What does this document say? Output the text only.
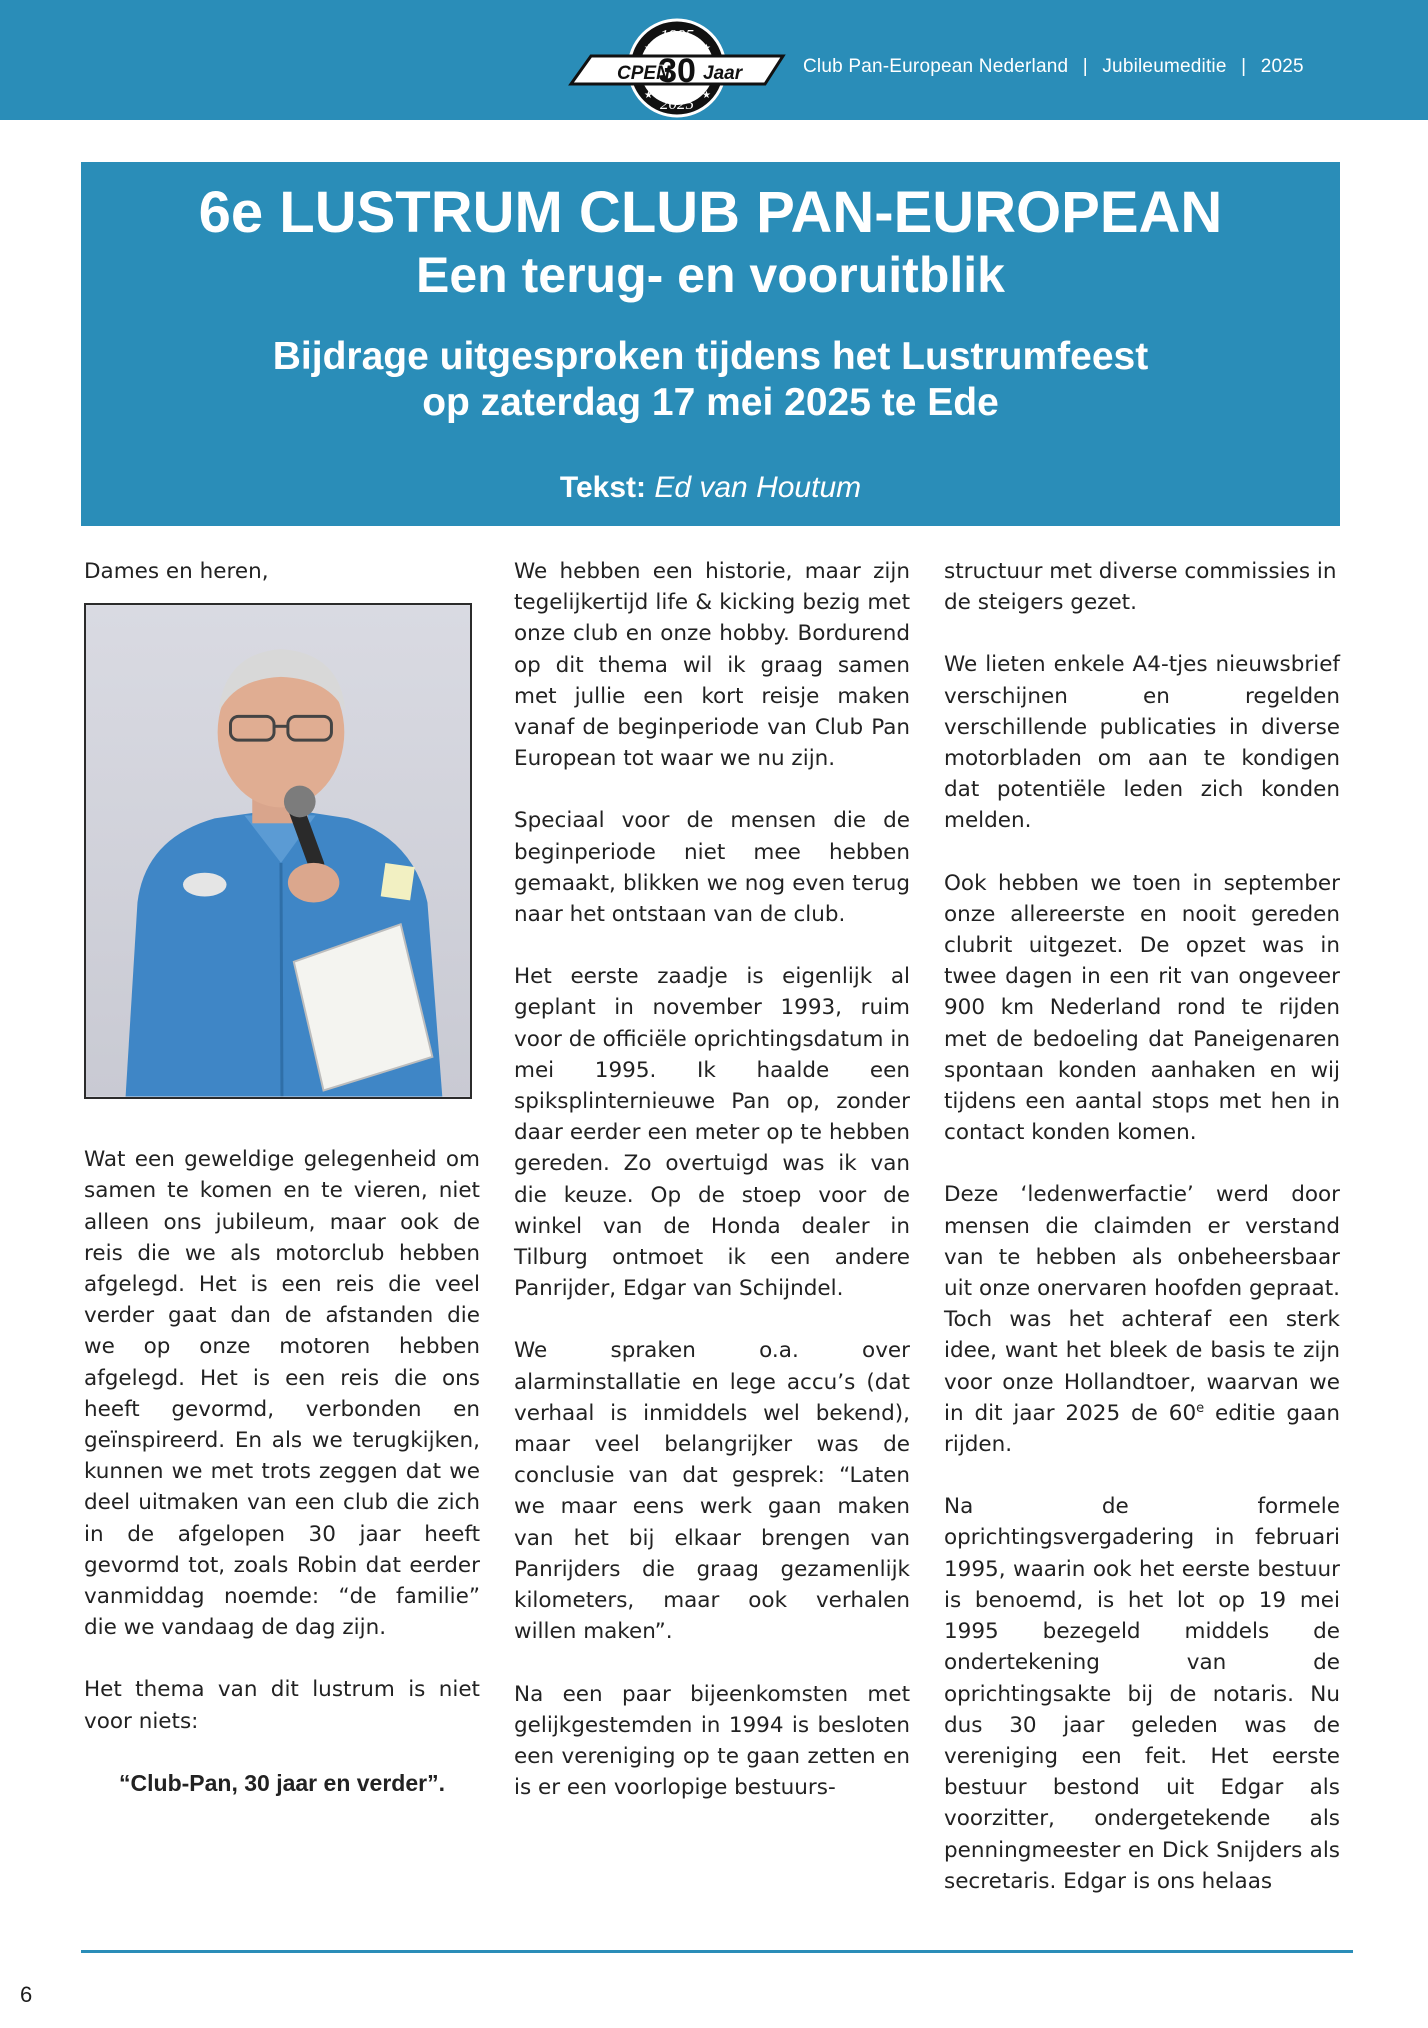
CPEN
30 Jaar
1995
2025
★	★
★	★
Club Pan-European Nederland | Jubileumeditie | 2025
6e LUSTRUM CLUB PAN-EUROPEAN
Een terug- en vooruitblik
Bijdrage uitgesproken tijdens het Lustrumfeest
op zaterdag 17 mei 2025 te Ede
Tekst: Ed van Houtum

Dames en heren,

Wat een geweldige gelegenheid om samen te komen en te vieren, niet alleen ons jubileum, maar ook de reis die we als motorclub hebben afgelegd. Het is een reis die veel verder gaat dan de afstanden die we op onze motoren hebben afgelegd. Het is een reis die ons heeft gevormd, verbonden en geïnspireerd. En als we terugkijken, kunnen we met trots zeggen dat we deel uitmaken van een club die zich in de afgelopen 30 jaar heeft gevormd tot, zoals Robin dat eerder vanmiddag noemde: “de familie” die we vandaag de dag zijn.

Het thema van dit lustrum is niet voor niets:

“Club-Pan, 30 jaar en verder”.

We hebben een historie, maar zijn tegelijkertijd life & kicking bezig met onze club en onze hobby. Bordurend op dit thema wil ik graag samen met jullie een kort reisje maken vanaf de beginperiode van Club Pan European tot waar we nu zijn.

Speciaal voor de mensen die de beginperiode niet mee hebben gemaakt, blikken we nog even terug naar het ontstaan van de club.

Het eerste zaadje is eigenlijk al geplant in november 1993, ruim voor de officiële oprichtingsdatum in mei 1995. Ik haalde een spiksplinternieuwe Pan op, zonder daar eerder een meter op te hebben gereden. Zo overtuigd was ik van die keuze. Op de stoep voor de winkel van de Honda dealer in Tilburg ontmoet ik een andere Panrijder, Edgar van Schijndel.

We spraken o.a. over alarminstallatie en lege accu’s (dat verhaal is inmiddels wel bekend), maar veel belangrijker was de conclusie van dat gesprek: “Laten we maar eens werk gaan maken van het bij elkaar brengen van Panrijders die graag gezamenlijk kilometers, maar ook verhalen willen maken”.

Na een paar bijeenkomsten met gelijkgestemden in 1994 is besloten een vereniging op te gaan zetten en is er een voorlopige bestuurs-

structuur met diverse commissies in de steigers gezet.

We lieten enkele A4-tjes nieuwsbrief verschijnen en regelden verschillende publicaties in diverse motorbladen om aan te kondigen dat potentiële leden zich konden melden.

Ook hebben we toen in september onze allereerste en nooit gereden clubrit uitgezet. De opzet was in twee dagen in een rit van ongeveer 900 km Nederland rond te rijden met de bedoeling dat Paneigenaren spontaan konden aanhaken en wij tijdens een aantal stops met hen in contact konden komen.

Deze ‘ledenwerfactie’ werd door mensen die claimden er verstand van te hebben als onbeheersbaar uit onze onervaren hoofden gepraat. Toch was het achteraf een sterk idee, want het bleek de basis te zijn voor onze Hollandtoer, waarvan we in dit jaar 2025 de 60e editie gaan rijden.

Na de formele oprichtingsvergadering in februari 1995, waarin ook het eerste bestuur is benoemd, is het lot op 19 mei 1995 bezegeld middels de ondertekening van de oprichtingsakte bij de notaris. Nu dus 30 jaar geleden was de vereniging een feit. Het eerste bestuur bestond uit Edgar als voorzitter, ondergetekende als penningmeester en Dick Snijders als secretaris. Edgar is ons helaas

6
